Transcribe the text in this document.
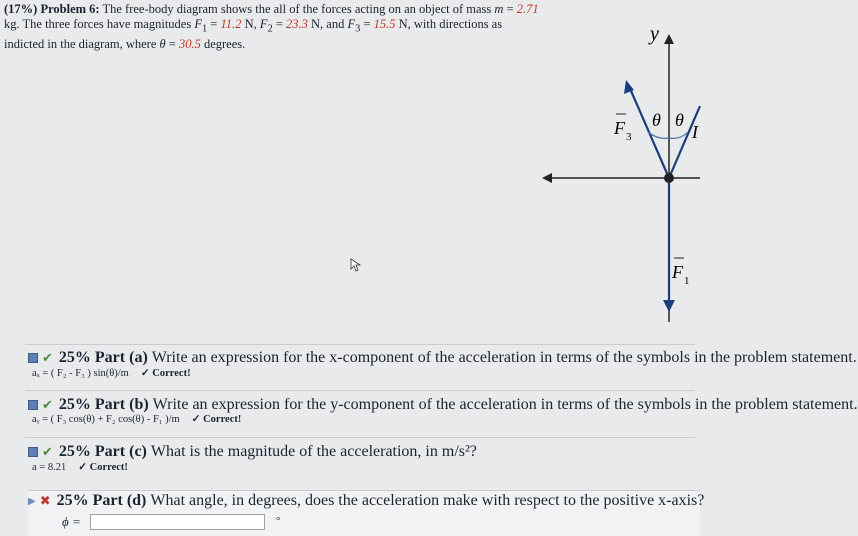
(17%) Problem 6: The free-body diagram shows the all of the forces acting on an object of mass m = 2.71 kg. The three forces have magnitudes $F_1 = 11.2$ N, $F_2 = 23.3$ N, and $F_3 = 15.5$ N, with directions as indicted in the diagram, where θ = 30.5 degrees.	y
θ θ
F 3
F 1
I
✔ 25% Part (a) Write an expression for the x-component of the acceleration in terms of the symbols in the problem statement.
aₓ = ( F₂ - F₃ ) sin(θ)/m ✓ Correct!
✔ 25% Part (b) Write an expression for the y-component of the acceleration in terms of the symbols in the problem statement.
aᵧ = ( F₃ cos(θ) + F₂ cos(θ) - F₁ )/m ✓ Correct!
✔ 25% Part (c) What is the magnitude of the acceleration, in m/s²?
a = 8.21 ✓ Correct!
▶ ✖ 25% Part (d) What angle, in degrees, does the acceleration make with respect to the positive x-axis?
ϕ =	°
